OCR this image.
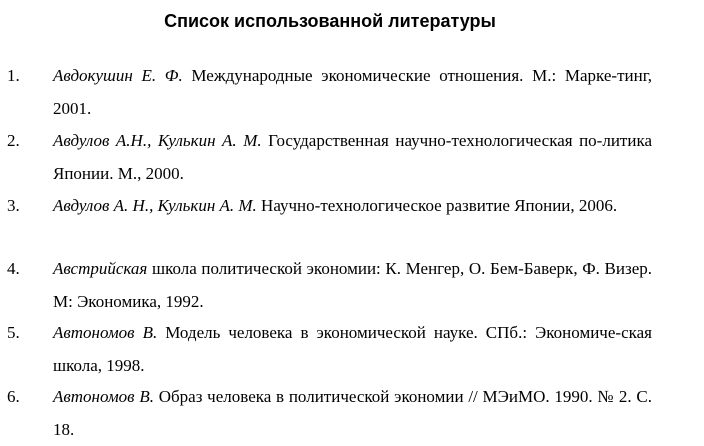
Список использованной литературы
1. Авдокушин Е. Ф. Международные экономические отношения. М.: Марке-тинг, 2001.

2. Авдулов А.Н., Кулькин А. М. Государственная научно-технологическая по-литика Японии. М., 2000.

3. Авдулов А. Н., Кулькин А. М. Научно-технологическое развитие Японии, 2006.

4. Австрийская школа политической экономии: К. Менгер, О. Бем-Баверк, Ф. Визер. М: Экономика, 1992.

5. Автономов В. Модель человека в экономической науке. СПб.: Экономиче-ская школа, 1998.

6. Автономов В. Образ человека в политической экономии // МЭиМО. 1990. № 2. С. 18.
